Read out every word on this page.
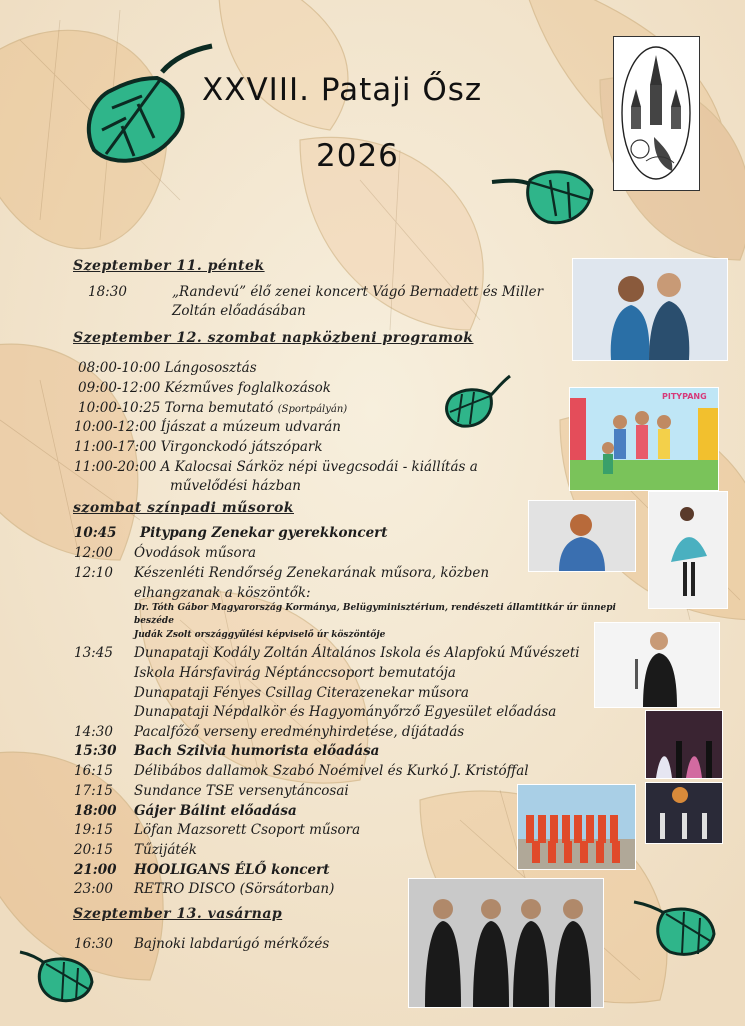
XXVIII. Pataji Ősz
2026
Szeptember 11. péntek
18:30	„Randevú” élő zenei koncert Vágó Bernadett és Miller
Zoltán előadásában
Szeptember 12. szombat napközbeni programok
08:00-10:00 Lángososztás
09:00-12:00 Kézműves foglalkozások
10:00-10:25 Torna bemutató (Sportpályán)
10:00-12:00 Íjászat a múzeum udvarán
11:00-17:00 Virgonckodó játszópark
11:00-20:00 A Kalocsai Sárköz népi üvegcsodái - kiállítás a
művelődési házban
szombat színpadi műsorok
10:45 Pitypang Zenekar gyerekkoncert
12:00 Óvodások műsora
12:10 Készenléti Rendőrség Zenekarának műsora, közben
elhangzanak a köszöntők:
Dr. Tóth Gábor Magyarország Kormánya, Belügyminisztérium, rendészeti államtitkár úr ünnepi
beszéde
Judák Zsolt országgyűlési képviselő úr köszöntője
13:45 Dunapataji Kodály Zoltán Általános Iskola és Alapfokú Művészeti
Iskola Hársfavirág Néptánccsoport bemutatója
Dunapataji Fényes Csillag Citerazenekar műsora
Dunapataji Népdalkör és Hagyományőrző Egyesület előadása
14:30 Pacalfőző verseny eredményhirdetése, díjátadás
15:30 Bach Szilvia humorista előadása
16:15 Délibábos dallamok Szabó Noémivel és Kurkó J. Kristóffal
17:15 Sundance TSE versenytáncosai
18:00 Gájer Bálint előadása
19:15 Löfan Mazsorett Csoport műsora
20:15 Tűzijáték
21:00 HOOLIGANS ÉLŐ koncert
23:00 RETRO DISCO (Sörsátorban)
Szeptember 13. vasárnap
16:30 Bajnoki labdarúgó mérkőzés
PITYPANG
